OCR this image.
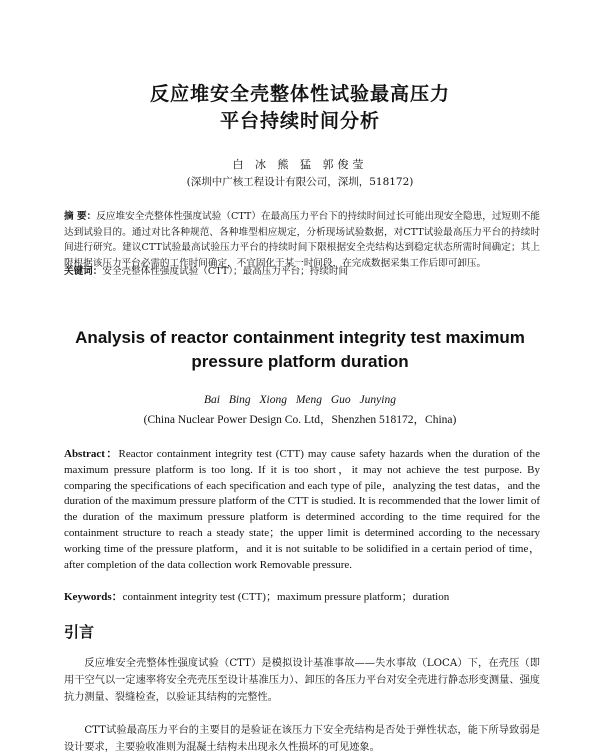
反应堆安全壳整体性试验最高压力
平台持续时间分析
白 冰 熊 猛 郭俊莹
(深圳中广核工程设计有限公司，深圳，518172)
摘 要：反应堆安全壳整体性强度试验（CTT）在最高压力平台下的持续时间过长可能出现安全隐患，过短则不能达到试验目的。通过对比各种规范、各种堆型相应规定，分析现场试验数据，对CTT试验最高压力平台的持续时间进行研究。建议CTT试验最高试验压力平台的持续时间下限根据安全壳结构达到稳定状态所需时间确定；其上限根据该压力平台必需的工作时间确定，不宜固化于某一时间段，在完成数据采集工作后即可卸压。
关键词：安全壳整体性强度试验（CTT）；最高压力平台；持续时间
Analysis of reactor containment integrity test maximum
pressure platform duration
Bai Bing Xiong Meng Guo Junying
(China Nuclear Power Design Co. Ltd，Shenzhen 518172，China)
Abstract：Reactor containment integrity test (CTT) may cause safety hazards when the duration of the maximum pressure platform is too long. If it is too short，it may not achieve the test purpose. By comparing the specifications of each specification and each type of pile，analyzing the test datas，and the duration of the maximum pressure platform of the CTT is studied. It is recommended that the lower limit of the duration of the maximum pressure platform is determined according to the time required for the containment structure to reach a steady state；the upper limit is determined according to the necessary working time of the pressure platform，and it is not suitable to be solidified in a certain period of time，after completion of the data collection work Removable pressure.
Keywords：containment integrity test (CTT)；maximum pressure platform；duration
引言
反应堆安全壳整体性强度试验（CTT）是模拟设计基准事故——失水事故（LOCA）下，在壳压（即用干空气以一定速率将安全壳壳压至设计基准压力）、卸压的各压力平台对安全壳进行静态形变测量、强度抗力测量、裂缝检查，以验证其结构的完整性。
CTT试验最高压力平台的主要目的是验证在该压力下安全壳结构是否处于弹性状态，能下所导致弱是设计要求，主要验收准则为混凝土结构未出现永久性损坏的可见迹象。
